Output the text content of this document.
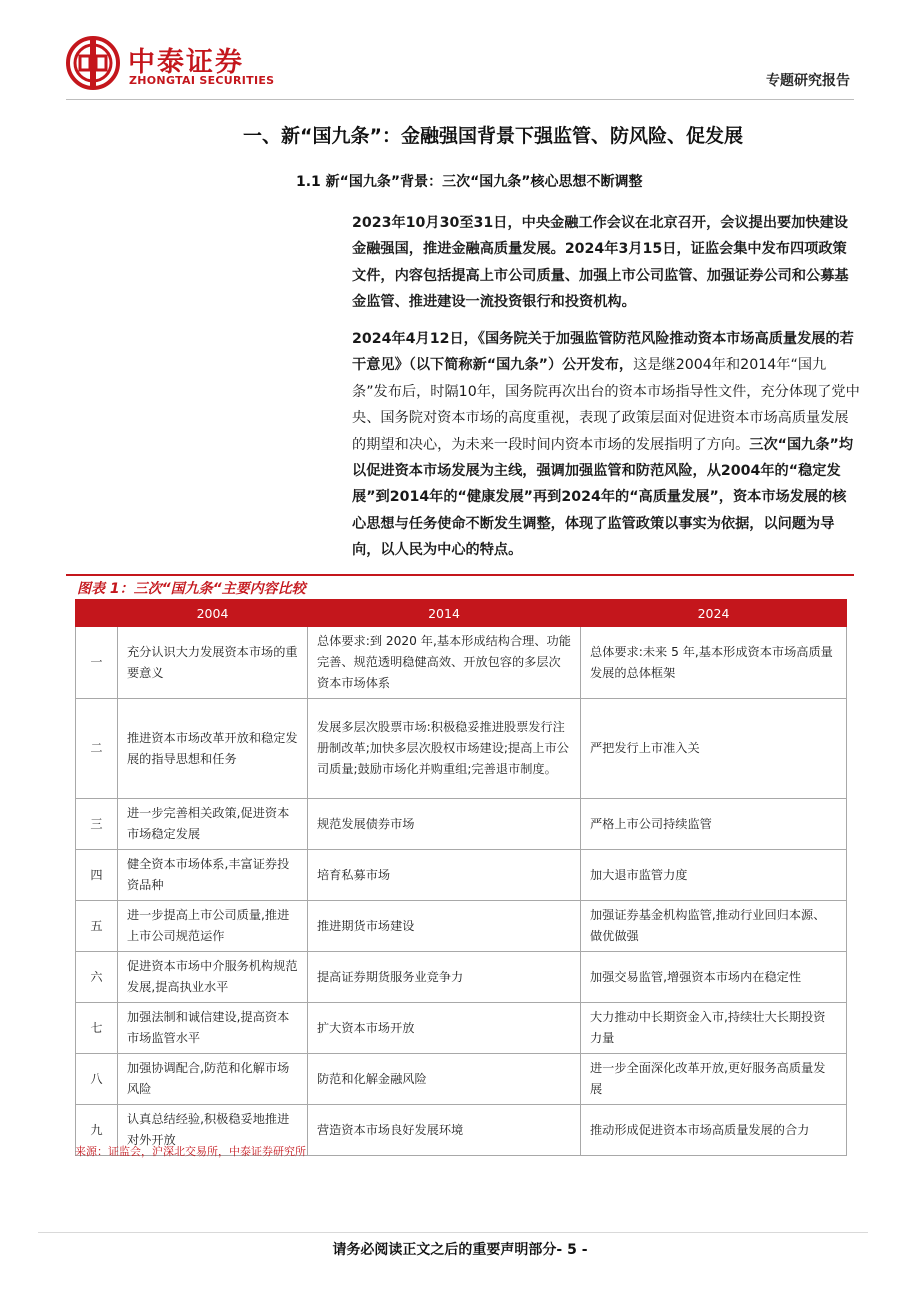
中泰证券
ZHONGTAI SECURITIES	专题研究报告
一、新“国九条”：金融强国背景下强监管、防风险、促发展
1.1 新“国九条”背景：三次“国九条”核心思想不断调整
2023年10月30至31日，中央金融工作会议在北京召开，会议提出要加快建设金融强国，推进金融高质量发展。2024年3月15日，证监会集中发布四项政策文件，内容包括提高上市公司质量、加强上市公司监管、加强证券公司和公募基金监管、推进建设一流投资银行和投资机构。
2024年4月12日，《国务院关于加强监管防范风险推动资本市场高质量发展的若干意见》（以下简称新“国九条”）公开发布，这是继2004年和2014年“国九条”发布后，时隔10年，国务院再次出台的资本市场指导性文件，充分体现了党中央、国务院对资本市场的高度重视，表现了政策层面对促进资本市场高质量发展的期望和决心，为未来一段时间内资本市场的发展指明了方向。三次“国九条”均以促进资本市场发展为主线，强调加强监管和防范风险，从2004年的“稳定发展”到2014年的“健康发展”再到2024年的“高质量发展”，资本市场发展的核心思想与任务使命不断发生调整，体现了监管政策以事实为依据，以问题为导向，以人民为中心的特点。
图表 1：三次“国九条“主要内容比较
	2004	2014	2024
一	充分认识大力发展资本市场的重要意义	总体要求:到 2020 年,基本形成结构合理、功能完善、规范透明稳健高效、开放包容的多层次资本市场体系	总体要求:未来 5 年,基本形成资本市场高质量发展的总体框架
二	推进资本市场改革开放和稳定发展的指导思想和任务	发展多层次股票市场:积极稳妥推进股票发行注册制改革;加快多层次股权市场建设;提高上市公司质量;鼓励市场化并购重组;完善退市制度。	严把发行上市准入关
三	进一步完善相关政策,促进资本市场稳定发展	规范发展债券市场	严格上市公司持续监管
四	健全资本市场体系,丰富证券投资品种	培育私募市场	加大退市监管力度
五	进一步提高上市公司质量,推进上市公司规范运作	推进期货市场建设	加强证券基金机构监管,推动行业回归本源、做优做强
六	促进资本市场中介服务机构规范发展,提高执业水平	提高证券期货服务业竞争力	加强交易监管,增强资本市场内在稳定性
七	加强法制和诚信建设,提高资本市场监管水平	扩大资本市场开放	大力推动中长期资金入市,持续壮大长期投资力量
八	加强协调配合,防范和化解市场风险	防范和化解金融风险	进一步全面深化改革开放,更好服务高质量发展
九	认真总结经验,积极稳妥地推进对外开放	营造资本市场良好发展环境	推动形成促进资本市场高质量发展的合力
来源：证监会，沪深北交易所，中泰证券研究所
请务必阅读正文之后的重要声明部分- 5 -
